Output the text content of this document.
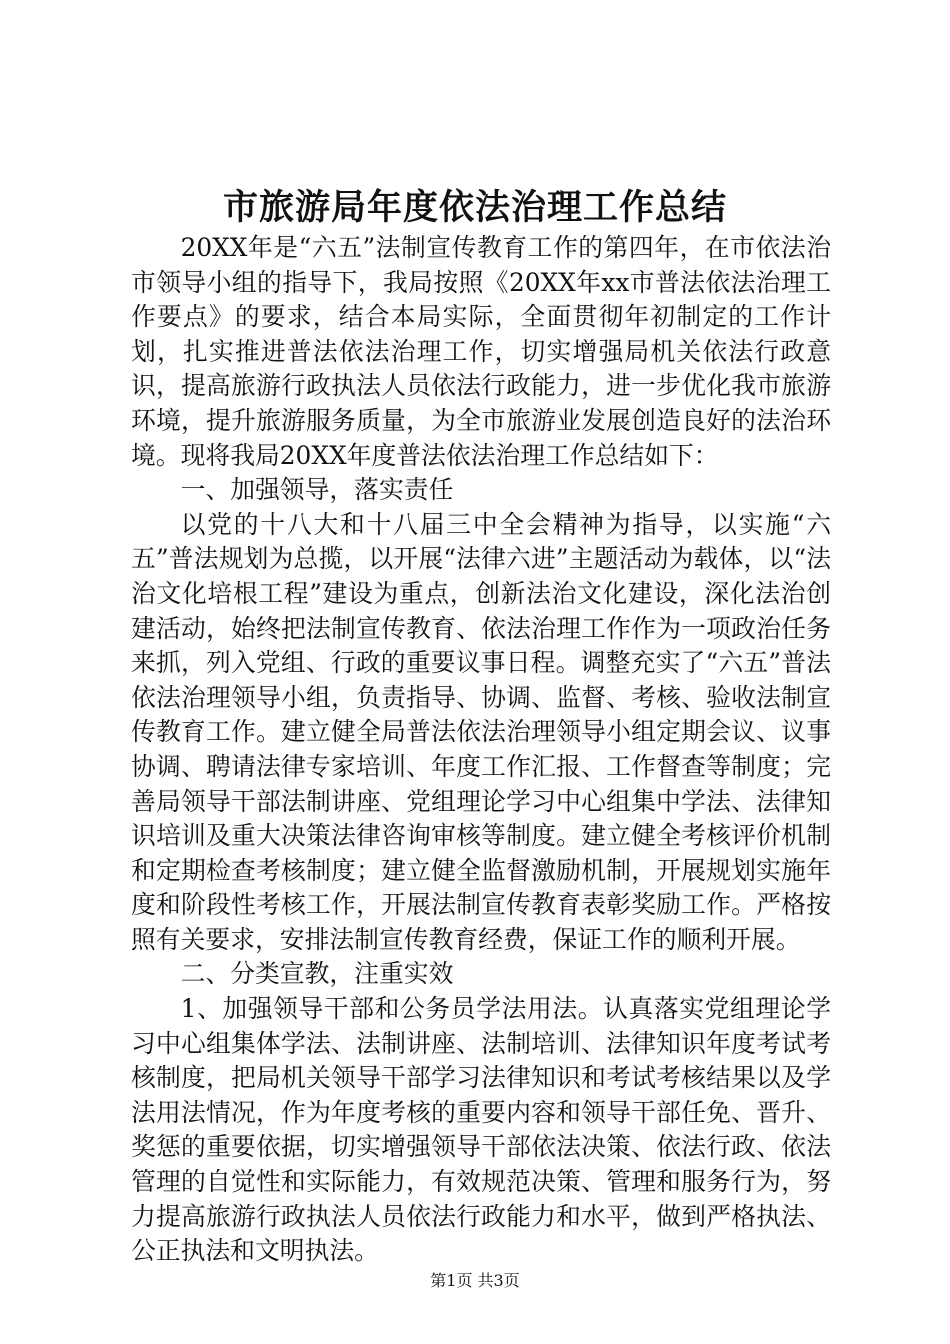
市旅游局年度依法治理工作总结

20XX年是“六五”法制宣传教育工作的第四年，在市依法治市领导小组的指导下，我局按照《20XX年xx市普法依法治理工作要点》的要求，结合本局实际，全面贯彻年初制定的工作计划，扎实推进普法依法治理工作，切实增强局机关依法行政意识，提高旅游行政执法人员依法行政能力，进一步优化我市旅游环境，提升旅游服务质量，为全市旅游业发展创造良好的法治环境。现将我局20XX年度普法依法治理工作总结如下：

一、加强领导，落实责任

以党的十八大和十八届三中全会精神为指导，以实施“六五”普法规划为总揽，以开展“法律六进”主题活动为载体，以“法治文化培根工程”建设为重点，创新法治文化建设，深化法治创建活动，始终把法制宣传教育、依法治理工作作为一项政治任务来抓，列入党组、行政的重要议事日程。调整充实了“六五”普法依法治理领导小组，负责指导、协调、监督、考核、验收法制宣传教育工作。建立健全局普法依法治理领导小组定期会议、议事协调、聘请法律专家培训、年度工作汇报、工作督查等制度；完善局领导干部法制讲座、党组理论学习中心组集中学法、法律知识培训及重大决策法律咨询审核等制度。建立健全考核评价机制和定期检查考核制度；建立健全监督激励机制，开展规划实施年度和阶段性考核工作，开展法制宣传教育表彰奖励工作。严格按照有关要求，安排法制宣传教育经费，保证工作的顺利开展。

二、分类宣教，注重实效

1、加强领导干部和公务员学法用法。认真落实党组理论学习中心组集体学法、法制讲座、法制培训、法律知识年度考试考核制度，把局机关领导干部学习法律知识和考试考核结果以及学法用法情况，作为年度考核的重要内容和领导干部任免、晋升、奖惩的重要依据，切实增强领导干部依法决策、依法行政、依法管理的自觉性和实际能力，有效规范决策、管理和服务行为，努力提高旅游行政执法人员依法行政能力和水平，做到严格执法、公正执法和文明执法。

第1页 共3页
